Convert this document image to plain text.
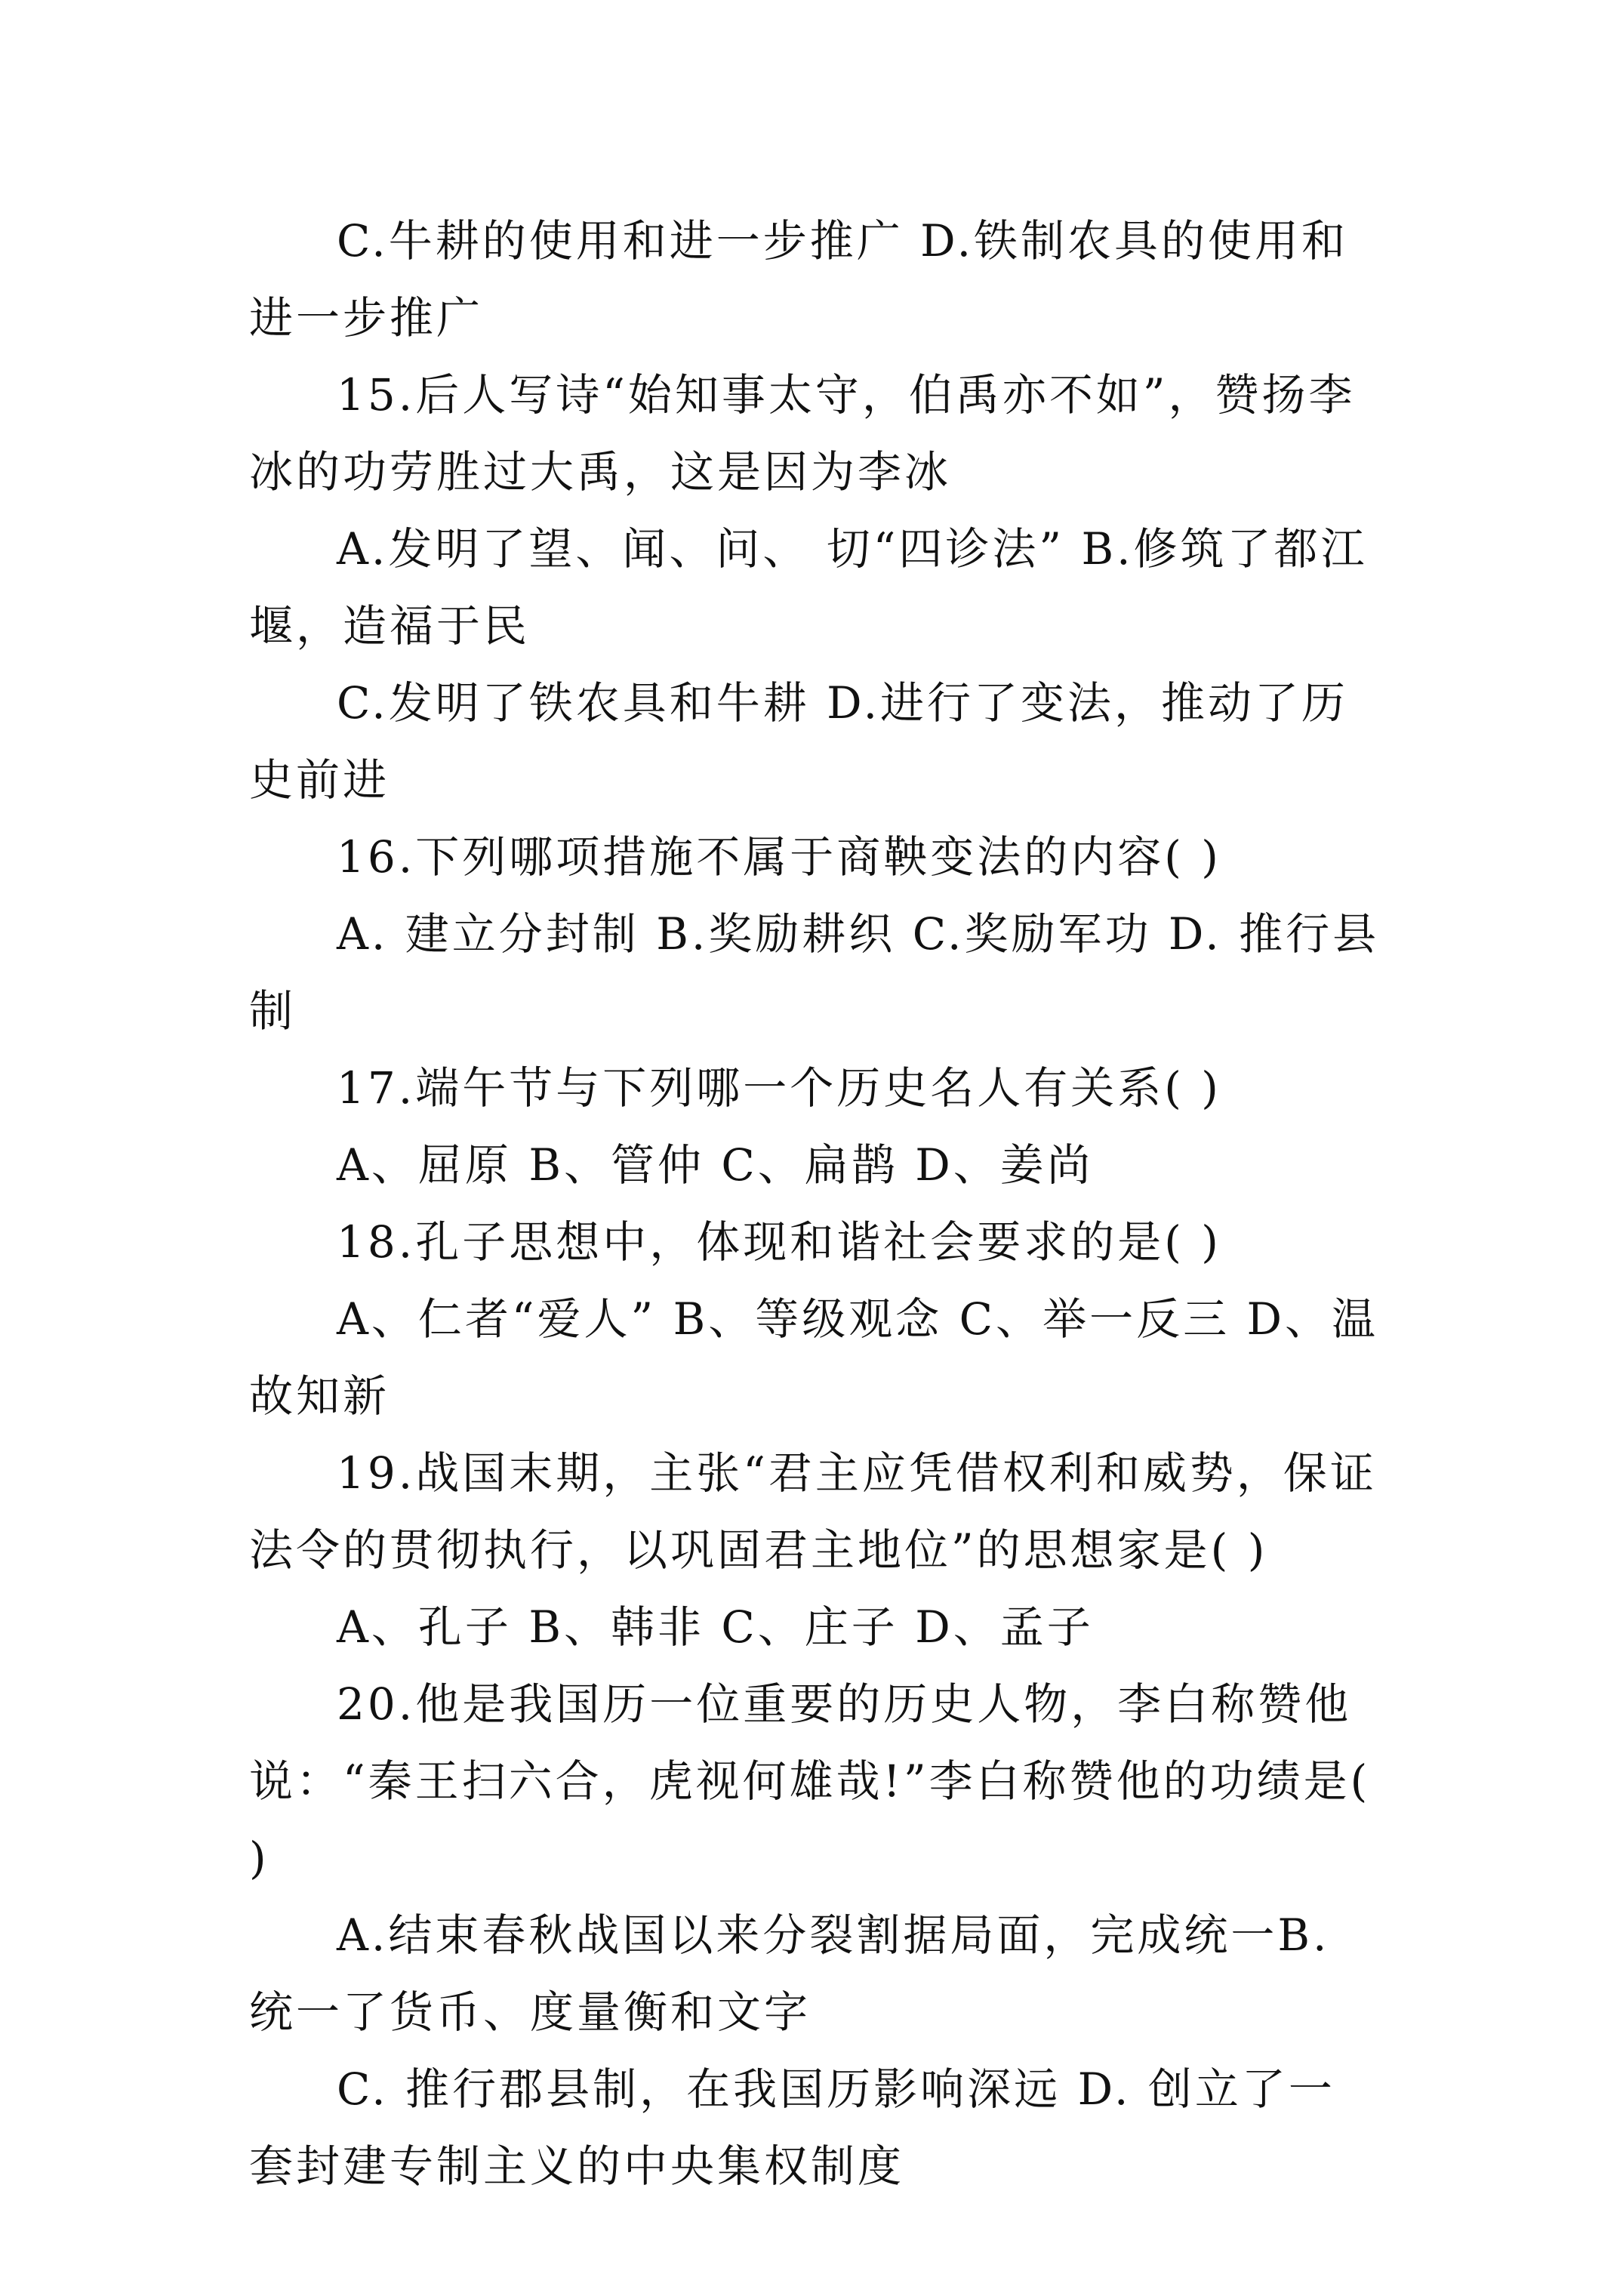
C.牛耕的使用和进一步推广 D.铁制农具的使用和进一步推广

15.后人写诗“始知事太守，伯禹亦不如”，赞扬李冰的功劳胜过大禹，这是因为李冰

A.发明了望、闻、问、 切“四诊法” B.修筑了都江堰，造福于民

C.发明了铁农具和牛耕 D.进行了变法，推动了历史前进

16.下列哪项措施不属于商鞅变法的内容( )

A. 建立分封制 B.奖励耕织 C.奖励军功 D. 推行县制

17.端午节与下列哪一个历史名人有关系( )

A、屈原 B、管仲 C、扁鹊 D、姜尚

18.孔子思想中，体现和谐社会要求的是( )

A、仁者“爱人” B、等级观念 C、举一反三 D、温故知新

19.战国末期，主张“君主应凭借权利和威势，保证法令的贯彻执行，以巩固君主地位”的思想家是( )

A、孔子 B、韩非 C、庄子 D、孟子

20.他是我国历一位重要的历史人物，李白称赞他说：“秦王扫六合，虎视何雄哉!”李白称赞他的功绩是( )

A.结束春秋战国以来分裂割据局面，完成统一B. 统一了货币、度量衡和文字

C. 推行郡县制，在我国历影响深远 D. 创立了一套封建专制主义的中央集权制度
